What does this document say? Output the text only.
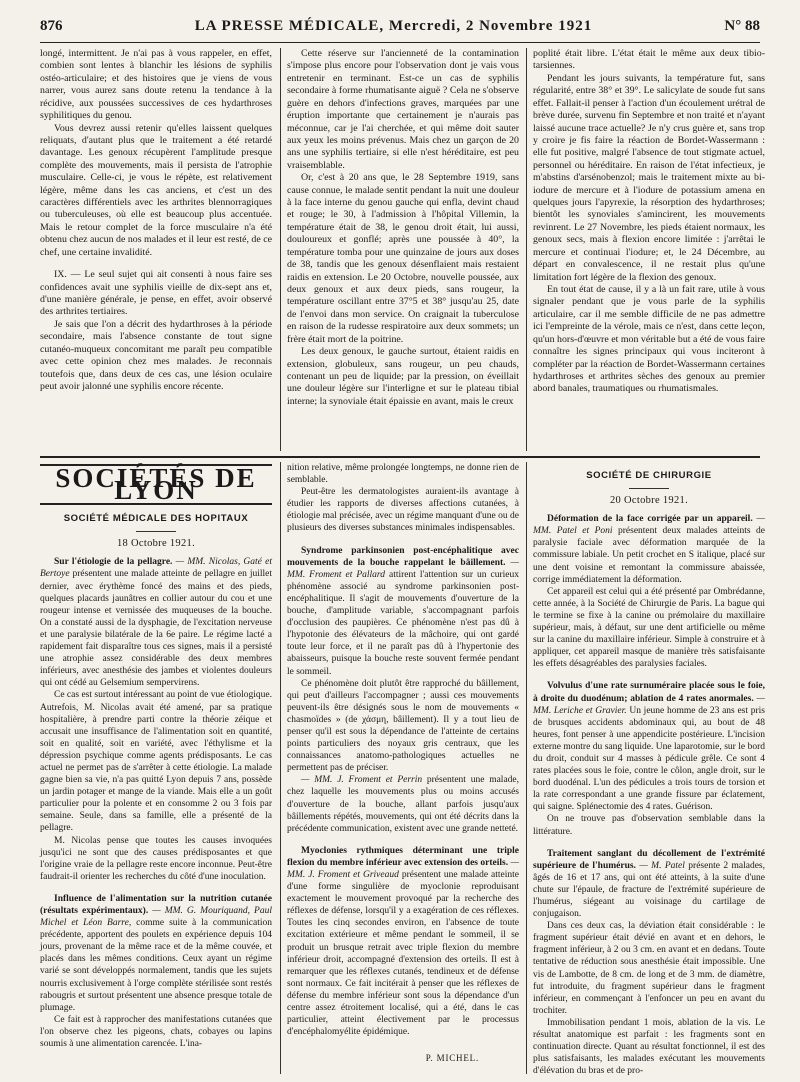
876	LA PRESSE MÉDICALE, Mercredi, 2 Novembre 1921	N° 88

longé, intermittent. Je n'ai pas à vous rappeler, en effet, combien sont lentes à blanchir les lésions de syphilis ostéo-articulaire; et des histoires que je viens de vous narrer, vous aurez sans doute retenu la tendance à la récidive, aux poussées successives de ces hydarthroses syphilitiques du genou.

Vous devrez aussi retenir qu'elles laissent quelques reliquats, d'autant plus que le traitement a été retardé davantage. Les genoux récupèrent l'amplitude presque complète des mouvements, mais il persista de l'atrophie musculaire. Celle-ci, je vous le répète, est relativement légère, même dans les cas anciens, et c'est un des caractères différentiels avec les arthrites blennorragiques ou tuberculeuses, où elle est beaucoup plus accentuée. Mais le retour complet de la force musculaire n'a été obtenu chez aucun de nos malades et il leur est resté, de ce chef, une certaine invalidité.

IX. — Le seul sujet qui ait consenti à nous faire ses confidences avait une syphilis vieille de dix-sept ans et, d'une manière générale, je pense, en effet, avoir observé des arthrites tertiaires.

Je sais que l'on a décrit des hydarthroses à la période secondaire, mais l'absence constante de tout signe cutanéo-muqueux concomitant me paraît peu compatible avec cette opinion chez mes malades. Je reconnais toutefois que, dans deux de ces cas, une lésion oculaire peut avoir jalonné une syphilis encore récente.

Cette réserve sur l'ancienneté de la contamination s'impose plus encore pour l'observation dont je vais vous entretenir en terminant. Est-ce un cas de syphilis secondaire à forme rhumatisante aiguë ? Cela ne s'observe guère en dehors d'infections graves, marquées par une éruption importante que certainement je n'aurais pas méconnue, car je l'ai cherchée, et qui même doit sauter aux yeux les moins prévenus. Mais chez un garçon de 20 ans une syphilis tertiaire, si elle n'est héréditaire, est peu vraisemblable.

Or, c'est à 20 ans que, le 28 Septembre 1919, sans cause connue, le malade sentit pendant la nuit une douleur à la face interne du genou gauche qui enfla, devint chaud et rouge; le 30, à l'admission à l'hôpital Villemin, la température était de 38, le genou droit était, lui aussi, douloureux et gonflé; après une poussée à 40°, la température tomba pour une quinzaine de jours aux doses de 38, tandis que les genoux désenflaient mais restaient raidis en extension. Le 20 Octobre, nouvelle poussée, aux deux genoux et aux deux pieds, sans rougeur, la température oscillant entre 37°5 et 38° jusqu'au 25, date de l'envoi dans mon service. On craignait la tuberculose en raison de la rudesse respiratoire aux deux sommets; un frère était mort de la poitrine.

Les deux genoux, le gauche surtout, étaient raidis en extension, globuleux, sans rougeur, un peu chauds, contenant un peu de liquide; par la pression, on éveillait une douleur légère sur l'interligne et sur le plateau tibial interne; la synoviale était épaissie en avant, mais le creux

poplité était libre. L'état était le même aux deux tibio-tarsiennes.

Pendant les jours suivants, la température fut, sans régularité, entre 38° et 39°. Le salicylate de soude fut sans effet. Fallait-il penser à l'action d'un écoulement urétral de brève durée, survenu fin Septembre et non traité et n'ayant laissé aucune trace actuelle? Je n'y crus guère et, sans trop y croire je fis faire la réaction de Bordet-Wassermann : elle fut positive, malgré l'absence de tout stigmate actuel, personnel ou héréditaire. En raison de l'état infectieux, je m'abstins d'arsénobenzol; mais le traitement mixte au bi-iodure de mercure et à l'iodure de potassium amena en quelques jours l'apyrexie, la résorption des hydarthroses; bientôt les synoviales s'amincirent, les mouvements revinrent. Le 27 Novembre, les pieds étaient normaux, les genoux secs, mais à flexion encore limitée : j'arrêtai le mercure et continuai l'iodure; et, le 24 Décembre, au départ en convalescence, il ne restait plus qu'une limitation fort légère de la flexion des genoux.

En tout état de cause, il y a là un fait rare, utile à vous signaler pendant que je vous parle de la syphilis articulaire, car il me semble difficile de ne pas admettre ici l'empreinte de la vérole, mais ce n'est, dans cette leçon, qu'un hors-d'œuvre et mon véritable but a été de vous faire connaître les signes principaux qui vous inciteront à compléter par la réaction de Bordet-Wassermann certaines hydarthroses et arthrites sèches des genoux au premier abord banales, traumatiques ou rhumatismales.

SOCIÉTÉS DE LYON
SOCIÉTÉ MÉDICALE DES HOPITAUX
18 Octobre 1921.

Sur l'étiologie de la pellagre. — MM. Nicolas, Gaté et Bertoye présentent une malade atteinte de pellagre en juillet dernier, avec érythème foncé des mains et des pieds, quelques placards jaunâtres en collier autour du cou et une rougeur intense et vernissée des muqueuses de la bouche. On a constaté aussi de la dysphagie, de l'excitation nerveuse et une paralysie bilatérale de la 6e paire. Le régime lacté a rapidement fait disparaître tous ces signes, mais il a persisté une atrophie assez considérable des deux membres inférieurs, avec anesthésie des jambes et violentes douleurs qui ont cédé au Gelsemium sempervirens.

Ce cas est surtout intéressant au point de vue étiologique. Autrefois, M. Nicolas avait été amené, par sa pratique hospitalière, à prendre parti contre la théorie zéique et accusait une insuffisance de l'alimentation soit en quantité, soit en qualité, soit en variété, avec l'éthylisme et la dépression psychique comme agents prédisposants. Le cas actuel ne permet pas de s'arrêter à cette étiologie. La malade gagne bien sa vie, n'a pas quitté Lyon depuis 7 ans, possède un jardin potager et mange de la viande. Mais elle a un goût particulier pour la polente et en consomme 2 ou 3 fois par semaine. Seule, dans sa famille, elle a présenté de la pellagre.

M. Nicolas pense que toutes les causes invoquées jusqu'ici ne sont que des causes prédisposantes et que l'origine vraie de la pellagre reste encore inconnue. Peut-être faudrait-il orienter les recherches du côté d'une inoculation.

Influence de l'alimentation sur la nutrition cutanée (résultats expérimentaux). — MM. G. Mouriquand, Paul Michel et Léon Barre, comme suite à la communication précédente, apportent des poulets en expérience depuis 104 jours, provenant de la même race et de la même couvée, et placés dans les mêmes conditions. Ceux ayant un régime varié se sont développés normalement, tandis que les sujets nourris exclusivement à l'orge complète stérilisée sont restés rabougris et surtout présentent une absence presque totale de plumage.

Ce fait est à rapprocher des manifestations cutanées que l'on observe chez les pigeons, chats, cobayes ou lapins soumis à une alimentation carencée. L'ina-

nition relative, même prolongée longtemps, ne donne rien de semblable.

Peut-être les dermatologistes auraient-ils avantage à étudier les rapports de diverses affections cutanées, à étiologie mal précisée, avec un régime manquant d'une ou de plusieurs des diverses substances minimales indispensables.

Syndrome parkinsonien post-encéphalitique avec mouvements de la bouche rappelant le bâillement. — MM. Froment et Pallard attirent l'attention sur un curieux phénomène associé au syndrome parkinsonien post-encéphalitique. Il s'agit de mouvements d'ouverture de la bouche, d'amplitude variable, s'accompagnant parfois d'occlusion des paupières. Ce phénomène n'est pas dû à l'hypotonie des élévateurs de la mâchoire, qui ont gardé toute leur force, et il ne paraît pas dû à l'hypertonie des abaisseurs, puisque la bouche reste souvent fermée pendant le sommeil.

Ce phénomène doit plutôt être rapproché du bâillement, qui peut d'ailleurs l'accompagner ; aussi ces mouvements peuvent-ils être désignés sous le nom de mouvements « chasmoïdes » (de χάσμη, bâillement). Il y a tout lieu de penser qu'il est sous la dépendance de l'atteinte de certains points particuliers des noyaux gris centraux, que les connaissances anatomo-pathologiques actuelles ne permettent pas de préciser.

— MM. J. Froment et Perrin présentent une malade, chez laquelle les mouvements plus ou moins accusés d'ouverture de la bouche, allant parfois jusqu'aux bâillements répétés, mouvements, qui ont été décrits dans la précédente communication, existent avec une grande netteté.

Myoclonies rythmiques déterminant une triple flexion du membre inférieur avec extension des orteils. — MM. J. Froment et Griveaud présentent une malade atteinte d'une forme singulière de myoclonie reproduisant exactement le mouvement provoqué par la recherche des réflexes de défense, lorsqu'il y a exagération de ces réflexes. Toutes les cinq secondes environ, en l'absence de toute excitation extérieure et même pendant le sommeil, il se produit un brusque retrait avec triple flexion du membre inférieur droit, accompagné d'extension des orteils. Il est à remarquer que les réflexes cutanés, tendineux et de défense sont normaux. Ce fait incitérait à penser que les réflexes de défense du membre inférieur sont sous la dépendance d'un centre assez étroitement localisé, qui a été, dans le cas particulier, atteint électivement par le processus d'encéphalomyélite épidémique.

P. MICHEL.
SOCIÉTÉ DE CHIRURGIE
20 Octobre 1921.

Déformation de la face corrigée par un appareil. — MM. Patel et Poni présentent deux malades atteints de paralysie faciale avec déformation marquée de la commissure labiale. Un petit crochet en S italique, placé sur une dent voisine et remontant la commissure abaissée, corrige immédiatement la déformation.

Cet appareil est celui qui a été présenté par Ombrédanne, cette année, à la Société de Chirurgie de Paris. La bague qui le termine se fixe à la canine ou prémolaire du maxillaire supérieur, mais, à défaut, sur une dent artificielle ou même sur la canine du maxillaire inférieur. Simple à construire et à appliquer, cet appareil masque de manière très satisfaisante les effets désagréables des paralysies faciales.

Volvulus d'une rate surnuméraire placée sous le foie, à droite du duodénum; ablation de 4 rates anormales. — MM. Leriche et Gravier. Un jeune homme de 23 ans est pris de brusques accidents abdominaux qui, au bout de 48 heures, font penser à une appendicite postérieure. L'incision externe montre du sang liquide. Une laparotomie, sur le bord du droit, conduit sur 4 masses à pédicule grêle. Ce sont 4 rates placées sous le foie, contre le côlon, angle droit, sur le bord duodénal. L'un des pédicules a trois tours de torsion et la rate correspondant a une grande fissure par éclatement, qui saigne. Splénectomie des 4 rates. Guérison.

On ne trouve pas d'observation semblable dans la littérature.

Traitement sanglant du décollement de l'extrémité supérieure de l'humérus. — M. Patel présente 2 malades, âgés de 16 et 17 ans, qui ont été atteints, à la suite d'une chute sur l'épaule, de fracture de l'extrémité supérieure de l'humérus, siégeant au voisinage du cartilage de conjugaison.

Dans ces deux cas, la déviation était considérable : le fragment supérieur était dévié en avant et en dehors, le fragment inférieur, à 2 ou 3 cm. en avant et en dedans. Toute tentative de réduction sous anesthésie était impossible. Une vis de Lambotte, de 8 cm. de long et de 3 mm. de diamètre, fut introduite, du fragment supérieur dans le fragment inférieur, en commençant à l'enfoncer un peu en avant du trochiter.

Immobilisation pendant 1 mois, ablation de la vis. Le résultat anatomique est parfait : les fragments sont en continuation directe. Quant au résultat fonctionnel, il est des plus satisfaisants, les malades exécutant les mouvements d'élévation du bras et de pro-
